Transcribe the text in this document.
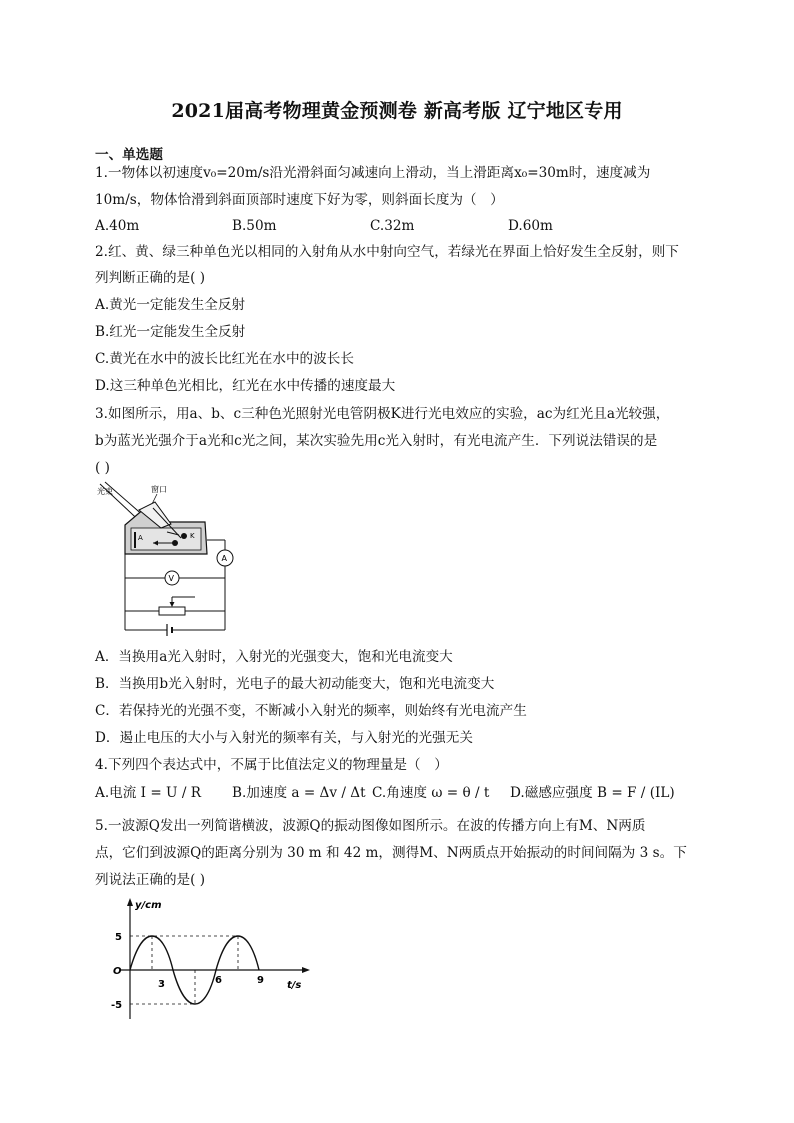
2021届高考物理黄金预测卷 新高考版 辽宁地区专用
一、单选题
1.一物体以初速度v₀=20m/s沿光滑斜面匀减速向上滑动，当上滑距离x₀=30m时，速度减为
10m/s，物体恰滑到斜面顶部时速度下好为零，则斜面长度为（　）
A.40m	B.50m	C.32m	D.60m
2.红、黄、绿三种单色光以相同的入射角从水中射向空气，若绿光在界面上恰好发生全反射，则下
列判断正确的是( )
A.黄光一定能发生全反射
B.红光一定能发生全反射
C.黄光在水中的波长比红光在水中的波长长
D.这三种单色光相比，红光在水中传播的速度最大
3.如图所示，用a、b、c三种色光照射光电管阴极K进行光电效应的实验，ac为红光且a光较强，
b为蓝光光强介于a光和c光之间，某次实验先用c光入射时，有光电流产生．下列说法错误的是
( )
光束	窗口
A	K
A
V
A．当换用a光入射时，入射光的光强变大，饱和光电流变大
B．当换用b光入射时，光电子的最大初动能变大，饱和光电流变大
C．若保持光的光强不变，不断减小入射光的频率，则始终有光电流产生
D．遏止电压的大小与入射光的频率有关，与入射光的光强无关
4.下列四个表达式中，不属于比值法定义的物理量是（　）
A.电流 I = U / R B.加速度 a = Δv / Δt C.角速度 ω = θ / t D.磁感应强度 B = F / (IL)
5.一波源Q发出一列简谐横波，波源Q的振动图像如图所示。在波的传播方向上有M、N两质
点，它们到波源Q的距离分别为 30 m 和 42 m，测得M、N两质点开始振动的时间间隔为 3 s。下
列说法正确的是( )
y/cm
t/s
O
5
-5
3	6	9
